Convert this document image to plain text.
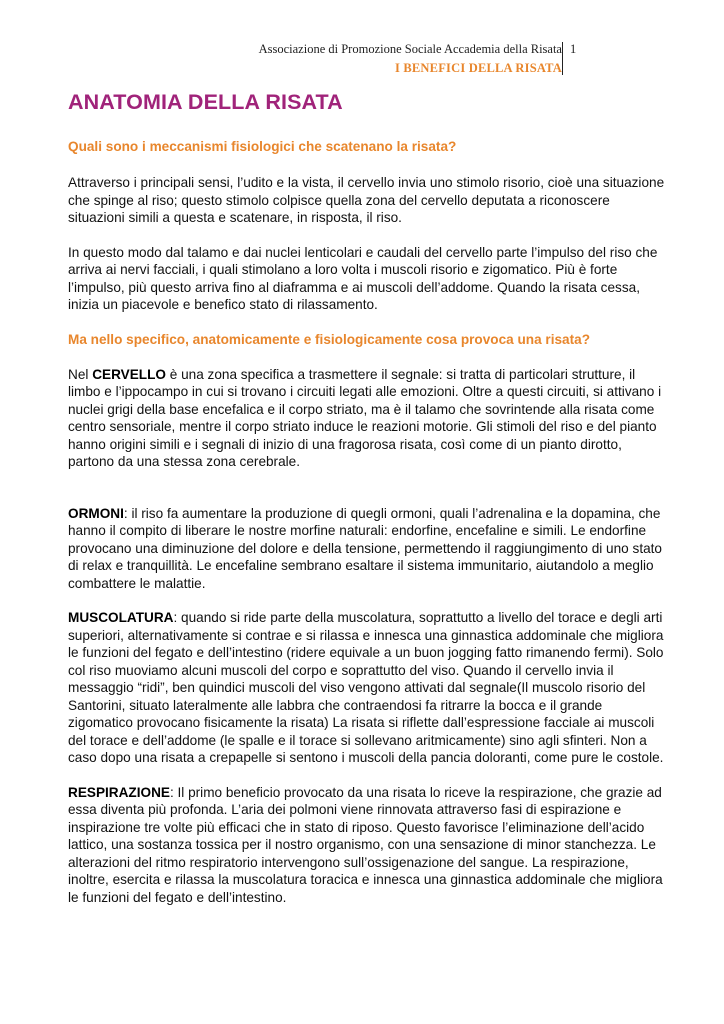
Associazione di Promozione Sociale Accademia della Risata
I BENEFICI DELLA RISATA
1
ANATOMIA DELLA RISATA
Quali sono i meccanismi fisiologici che scatenano la risata?

Attraverso i principali sensi, l’udito e la vista, il cervello invia uno stimolo risorio, cioè una situazione che spinge al riso; questo stimolo colpisce quella zona del cervello deputata a riconoscere situazioni simili a questa e scatenare, in risposta, il riso.

In questo modo dal talamo e dai nuclei lenticolari e caudali del cervello parte l’impulso del riso che arriva ai nervi facciali, i quali stimolano a loro volta i muscoli risorio e zigomatico. Più è forte l’impulso, più questo arriva fino al diaframma e ai muscoli dell’addome. Quando la risata cessa, inizia un piacevole e benefico stato di rilassamento.

Ma nello specifico, anatomicamente e fisiologicamente cosa provoca una risata?

Nel CERVELLO è una zona specifica a trasmettere il segnale: si tratta di particolari strutture, il limbo e l’ippocampo in cui si trovano i circuiti legati alle emozioni. Oltre a questi circuiti, si attivano i nuclei grigi della base encefalica e il corpo striato, ma è il talamo che sovrintende alla risata come centro sensoriale, mentre il corpo striato induce le reazioni motorie. Gli stimoli del riso e del pianto hanno origini simili e i segnali di inizio di una fragorosa risata, così come di un pianto dirotto, partono da una stessa zona cerebrale.

ORMONI: il riso fa aumentare la produzione di quegli ormoni, quali l’adrenalina e la dopamina, che hanno il compito di liberare le nostre morfine naturali: endorfine, encefaline e simili. Le endorfine provocano una diminuzione del dolore e della tensione, permettendo il raggiungimento di uno stato di relax e tranquillità. Le encefaline sembrano esaltare il sistema immunitario, aiutandolo a meglio combattere le malattie.

MUSCOLATURA: quando si ride parte della muscolatura, soprattutto a livello del torace e degli arti superiori, alternativamente si contrae e si rilassa e innesca una ginnastica addominale che migliora le funzioni del fegato e dell’intestino (ridere equivale a un buon jogging fatto rimanendo fermi). Solo col riso muoviamo alcuni muscoli del corpo e soprattutto del viso. Quando il cervello invia il messaggio “ridi”, ben quindici muscoli del viso vengono attivati dal segnale(Il muscolo risorio del Santorini, situato lateralmente alle labbra che contraendosi fa ritrarre la bocca e il grande zigomatico provocano fisicamente la risata) La risata si riflette dall’espressione facciale ai muscoli del torace e dell’addome (le spalle e il torace si sollevano aritmicamente) sino agli sfinteri. Non a caso dopo una risata a crepapelle si sentono i muscoli della pancia doloranti, come pure le costole.

RESPIRAZIONE: Il primo beneficio provocato da una risata lo riceve la respirazione, che grazie ad essa diventa più profonda. L’aria dei polmoni viene rinnovata attraverso fasi di espirazione e inspirazione tre volte più efficaci che in stato di riposo. Questo favorisce l’eliminazione dell’acido lattico, una sostanza tossica per il nostro organismo, con una sensazione di minor stanchezza. Le alterazioni del ritmo respiratorio intervengono sull’ossigenazione del sangue. La respirazione, inoltre, esercita e rilassa la muscolatura toracica e innesca una ginnastica addominale che migliora le funzioni del fegato e dell’intestino.
